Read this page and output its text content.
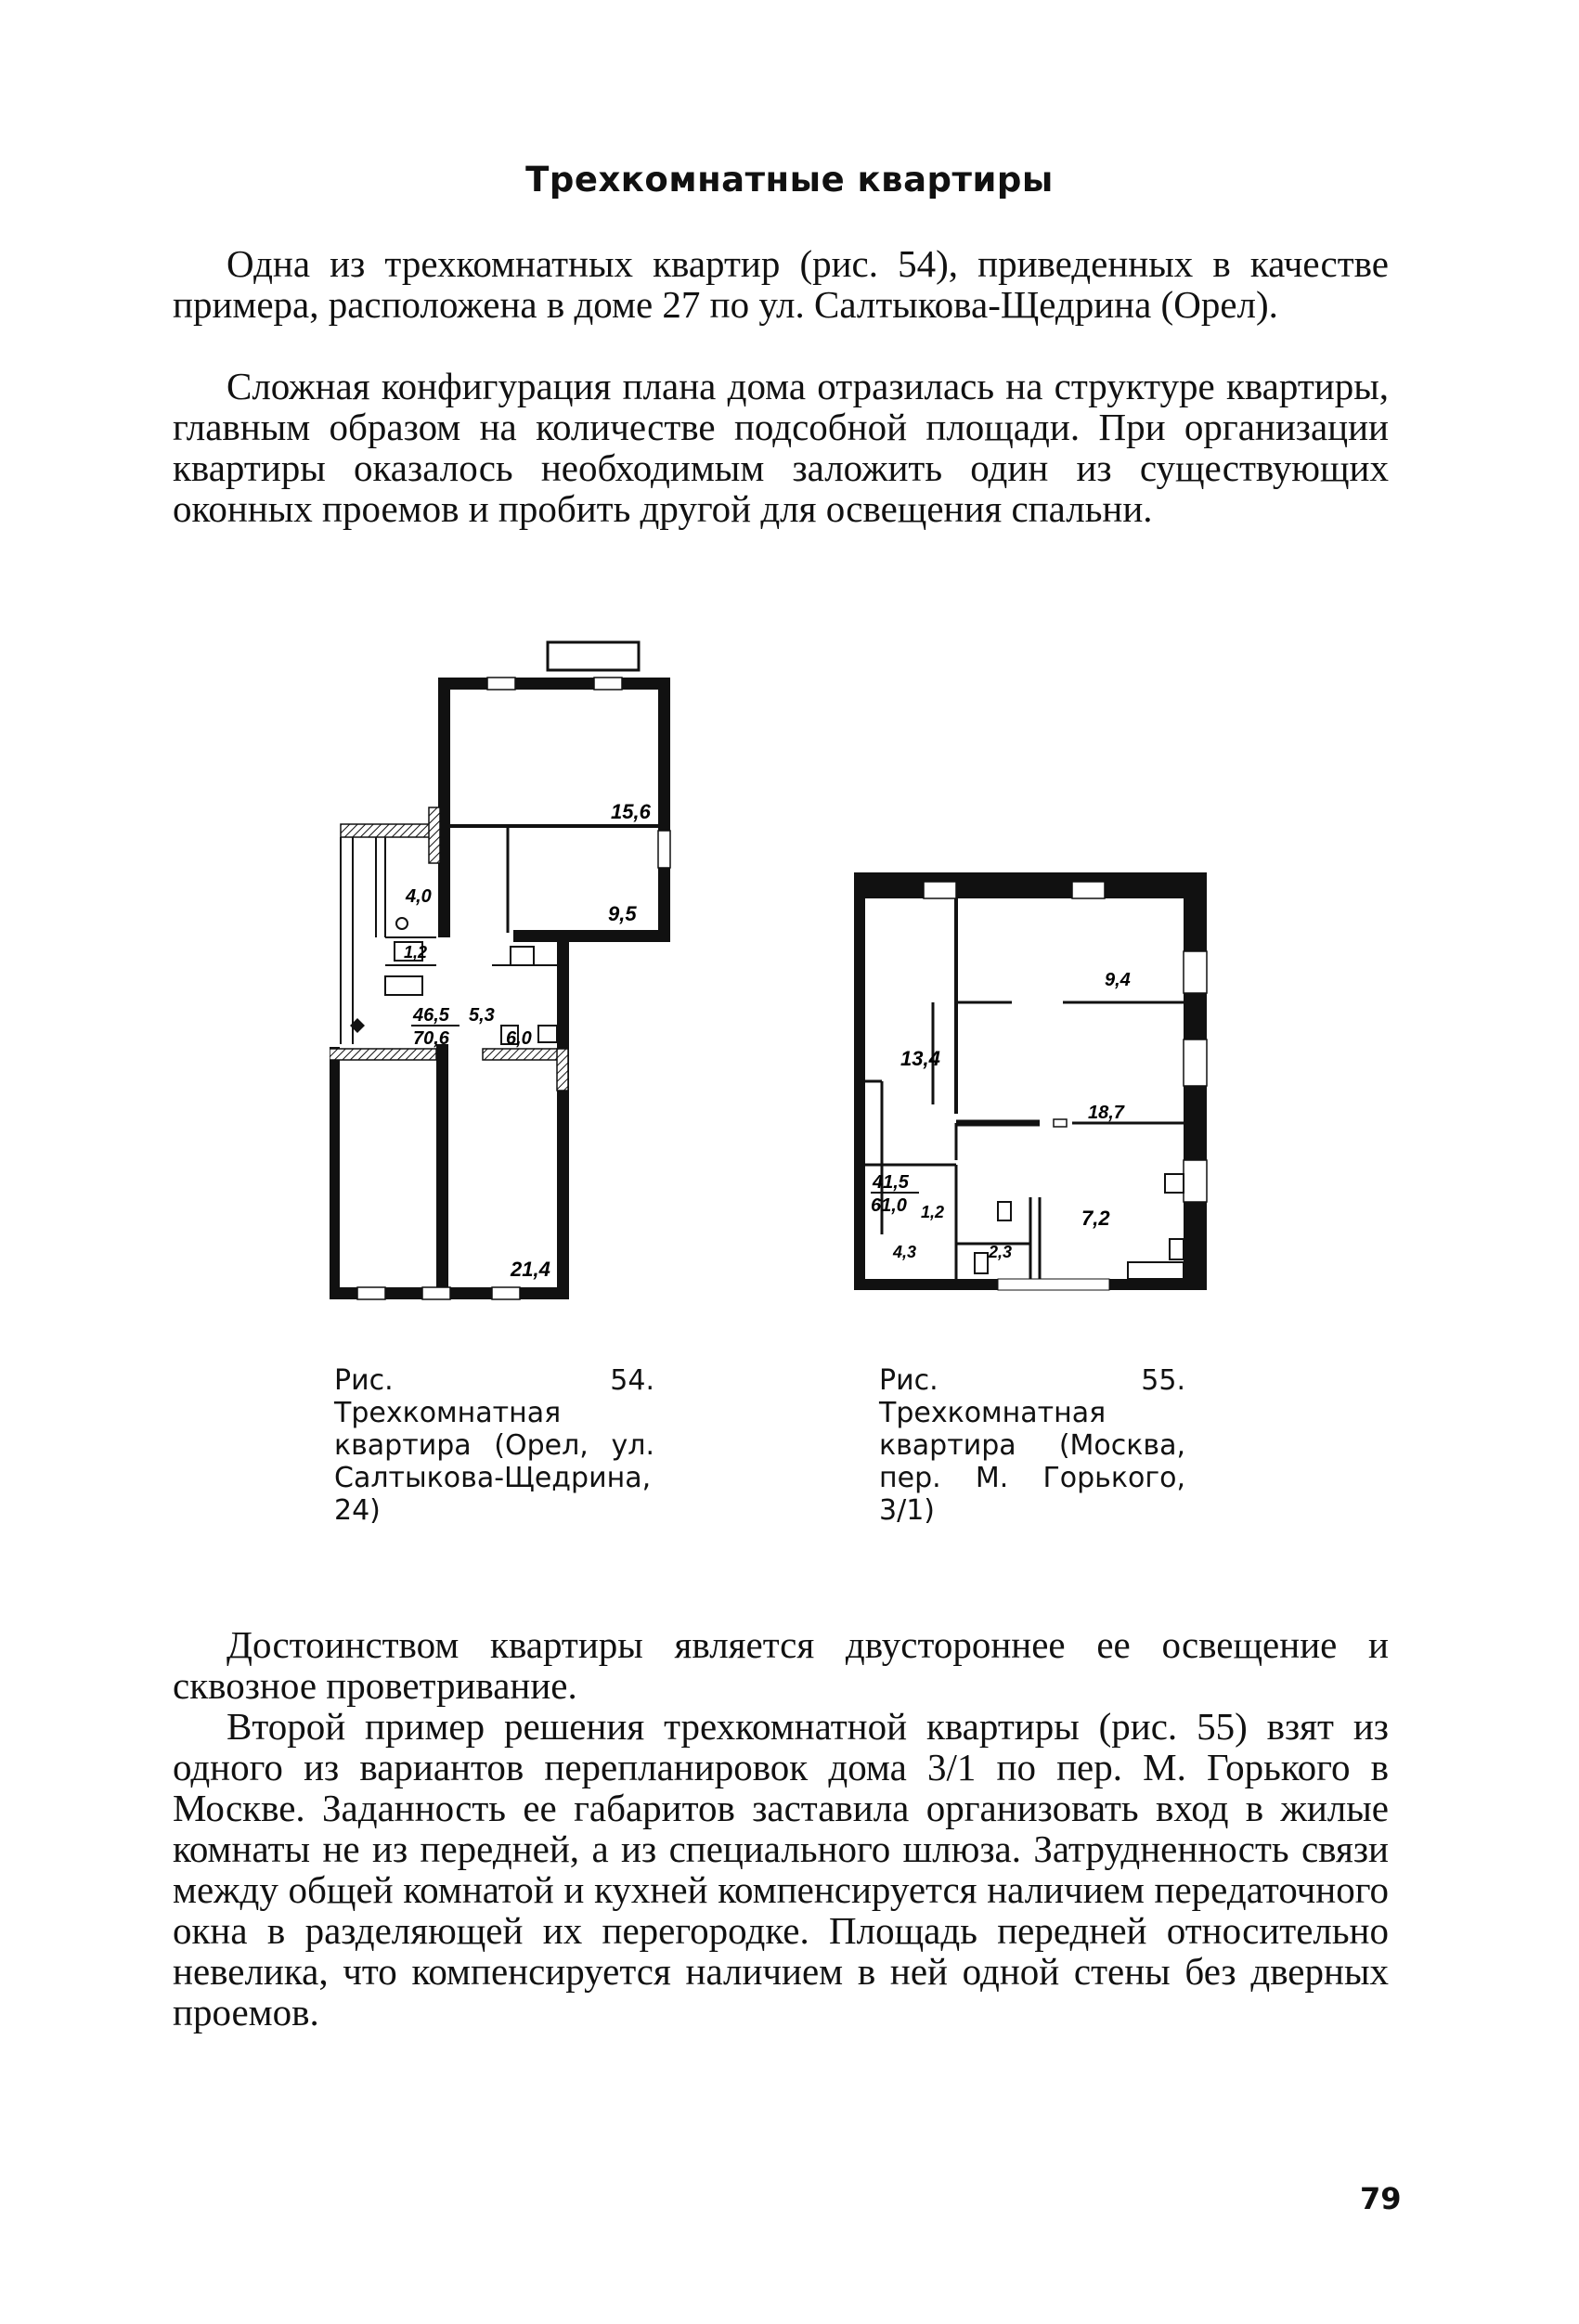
Трехкомнатные квартиры

Одна из трехкомнатных квартир (рис. 54), приведенных в качестве примера, расположена в доме 27 по ул. Салтыкова-Щедрина (Орел).

Сложная конфигурация плана дома отразилась на структуре квартиры, главным образом на количестве подсобной площади. При организации квартиры оказалось необходимым заложить один из существующих оконных проемов и пробить другой для освещения спальни.

15,6
9,5
4,0
1,2
5,3
46,5
70,6	6,0
21,4
9,4
13,4
18,7
41,5
61,0 1,2	7,2
4,3	2,3

Рис. 54. Трехкомнатная квартира (Орел, ул. Салтыкова-Щедрина, 24)

Рис. 55. Трехкомнатная квартира (Москва, пер. М. Горького, 3/1)

Достоинством квартиры является двустороннее ее освещение и сквозное проветривание.

Второй пример решения трехкомнатной квартиры (рис. 55) взят из одного из вариантов перепланировок дома 3/1 по пер. М. Горького в Москве. Заданность ее габаритов заставила организовать вход в жилые комнаты не из передней, а из специального шлюза. Затрудненность связи между общей комнатой и кухней компенсируется наличием передаточного окна в разделяющей их перегородке. Площадь передней относительно невелика, что компенсируется наличием в ней одной стены без дверных проемов.

79
